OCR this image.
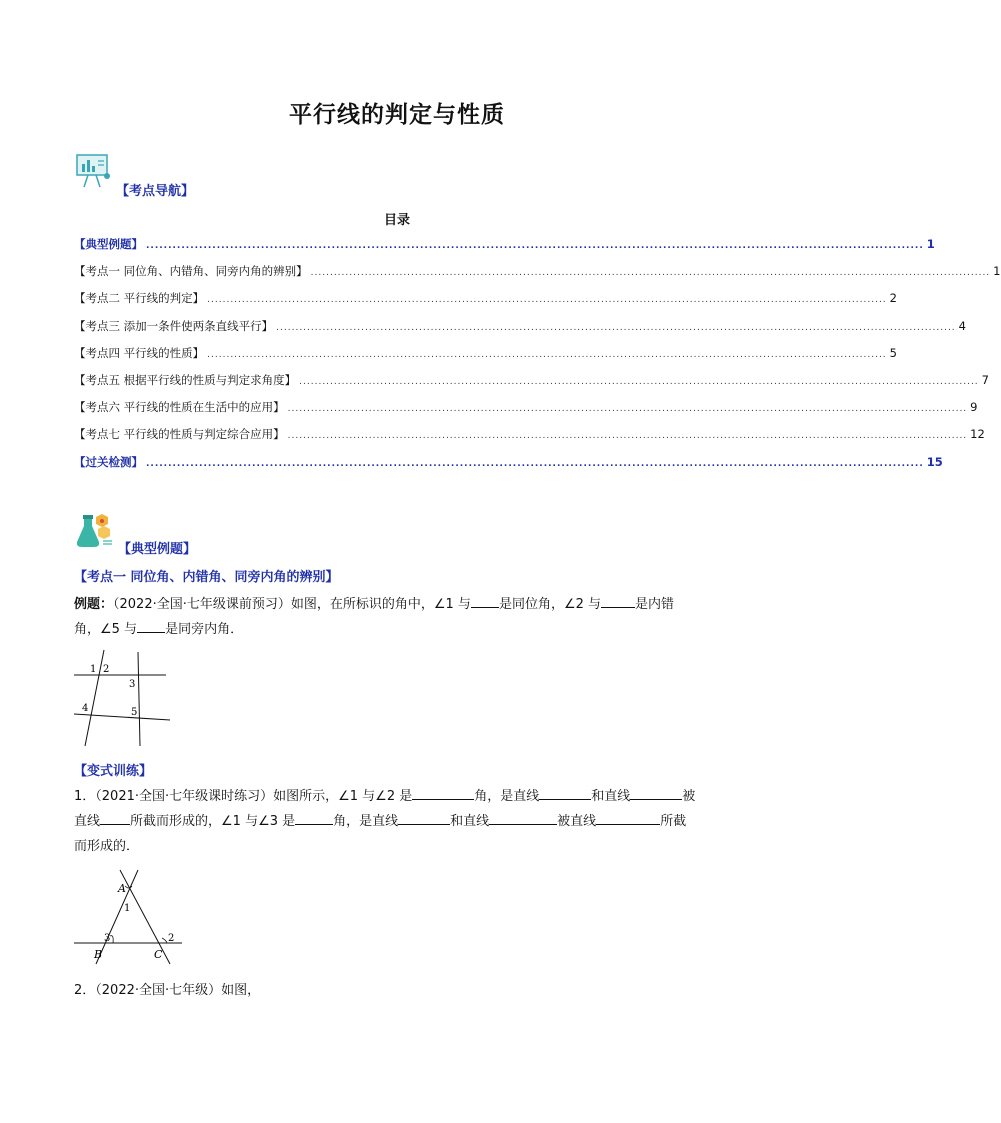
平行线的判定与性质
【考点导航】
目录
【典型例题】 ................................................................................................................................................................................ 1
【考点一 同位角、内错角、同旁内角的辨别】 ................................................................................................................................................................................ 1
【考点二 平行线的判定】 ................................................................................................................................................................................ 2
【考点三 添加一条件使两条直线平行】 ................................................................................................................................................................................ 4
【考点四 平行线的性质】 ................................................................................................................................................................................ 5
【考点五 根据平行线的性质与判定求角度】 ................................................................................................................................................................................ 7
【考点六 平行线的性质在生活中的应用】 ................................................................................................................................................................................ 9
【考点七 平行线的性质与判定综合应用】 ................................................................................................................................................................................ 12
【过关检测】 ................................................................................................................................................................................ 15
【典型例题】
【考点一 同位角、内错角、同旁内角的辨别】
例题：（2022·全国·七年级课前预习）如图，在所标识的角中，∠1 与 是同位角，∠2 与	是内错
角，∠5 与 是同旁内角．
1 2
3
4	5
【变式训练】
1．（2021·全国·七年级课时练习）如图所示，∠1 与∠2 是	角，是直线	和直线	被
直线 所截而形成的，∠1 与∠3 是	角，是直线	和直线	被直线	所截
而形成的．
A
1
3	2
B	C
2．（2022·全国·七年级）如图，
